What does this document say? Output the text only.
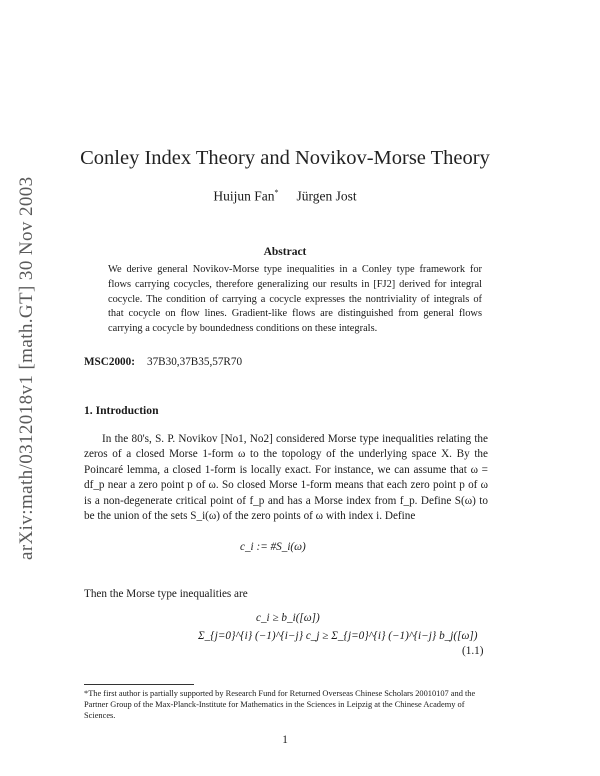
arXiv:math/0312018v1 [math.GT] 30 Nov 2003
Conley Index Theory and Novikov-Morse Theory
Huijun Fan* Jürgen Jost
Abstract
We derive general Novikov-Morse type inequalities in a Conley type framework for flows carrying cocycles, therefore generalizing our results in [FJ2] derived for integral cocycle. The condition of carrying a cocycle expresses the nontriviality of integrals of that cocycle on flow lines. Gradient-like flows are distinguished from general flows carrying a cocycle by boundedness conditions on these integrals.
MSC2000: 37B30,37B35,57R70
1. Introduction

In the 80's, S. P. Novikov [No1, No2] considered Morse type inequalities relating the zeros of a closed Morse 1-form ω to the topology of the underlying space X. By the Poincaré lemma, a closed 1-form is locally exact. For instance, we can assume that ω = df_p near a zero point p of ω. So closed Morse 1-form means that each zero point p of ω is a non-degenerate critical point of f_p and has a Morse index from f_p. Define S(ω) to be the union of the sets S_i(ω) of the zero points of ω with index i. Define

c_i := #S_i(ω)
Then the Morse type inequalities are
c_i ≥ b_i([ω])
Σ_{j=0}^{i} (−1)^{i−j} c_j ≥ Σ_{j=0}^{i} (−1)^{i−j} b_j([ω])
(1.1)
*The first author is partially supported by Research Fund for Returned Overseas Chinese Scholars 20010107 and the Partner Group of the Max-Planck-Institute for Mathematics in the Sciences in Leipzig at the Chinese Academy of Sciences.
1
